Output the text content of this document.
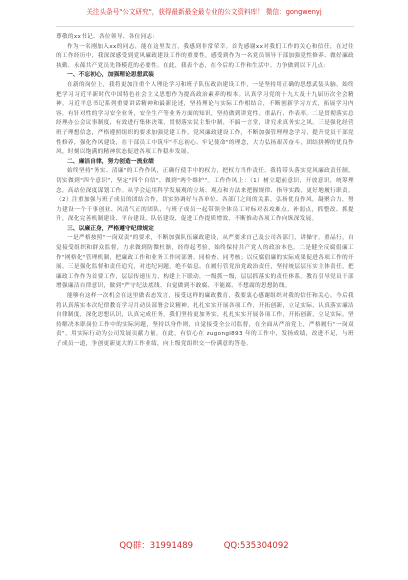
关注头条号"公文研究"，获得最新最全最专业的公文资料库！ 微信：gongwenyj

尊敬的xx书记、各位领导、各位同志：

作为一名刚加入xx的同志，能在这里发言，我感到非常荣幸。首先感谢xx对我们工作的关心和信任，在过往的工作经历中，我深深感受到党风廉政建设工作的重要性，感受到作为一名党员领导干部加强党性修养、做好廉政执勤、永葆共产党员先锋模范的必要性。在此，我表个态，在今后的工作和生活中，力争做到以下几点：

一、不忘初心，加强理论思想武装

在新的岗位上，我将更加注重个人理论学习和班子队伍政治建设工作，一是坚持用正确的思想武装头脑，始终把学习习近平新时代中国特色社会主义思想作为提高政治素养的根本。认真学习党的十九大及十九届历次全会精神，习近平总书记系列重要讲话精神和最新论述，坚持理论与实际工作相结合，不断创新学习方式，拓展学习内容，有针对性的学习安全业务，安全生产等业务方面的知识，坚持做到讲党性、重品行、作表率。二是贯彻落实总经理办公会议事制度，有效进行集体决策，贯彻落实民主集中制，不搞一言堂，讲究求真务实之风。三是强化经营班子理想信念，严格遵照组织的要求加强党建工作，党风廉政建设工作，不断加强管理理念学习，提升党员干部党性修养，强化作风建设，在干部员工中筑牢"不忘初心、牢记使命"的理念，大力弘扬艰苦奋斗，团结拼搏的优良作风，时刻以饱满的精神状态促进各项工作稳步发展。

二、廉洁自律，努力创造一流业绩

始终坚持"务实、清廉"的工作作风，正确行使手中的权力，把权力当作责任。我将带头落实党风廉政责任制，切实做到"四个意识"，坚定"四个自信"，做到"两个维护"。工作作风上：（1）树立超前意识，开放意识，统筹理念，高站位深度谋划工作。从学会运用科学发展观的立场、观点和方法来把握规律、指导实践，更好地履行职责。（2）注重加强与班子成员的团结合作，切实协调好与各单位、各部门之间的关系，弘扬优良作风，凝聚合力，努力建设一个干事创业、风清气正的团队，与班子成员一起带领全体员工对标对表攻难点、补弱点，抓整改、抓提升，深化完善机制建设、平台建设、队伍建设，促进工作提质增效，不断推动各项工作向纵深发展。

三、以廉正身，严格遵守纪律规定

一是严格按照"一岗双责"的要求，不断加强队伍廉政建设，从严要求自己及公司各部门，讲操守，重品行，自觉接受组织和群众监督，力求做到防微杜渐，经得起考验，始终保持共产党人的政治本色。二是健全反腐倡廉工作"网格化"管理机制，把廉政工作和业务工作同部署、同检查、同考核；以反腐倡廉的实际成果促进各项工作的开展。三是强化监督和责任追究，对违纪问题，绝不姑息。在履行管党治党政治责任，坚持统层层压实主体责任，把廉政工作作为首要工作，层层传递压力，构建上下联动，一级抓一级，层层抓落实的责任体系。教育引导党员干部增强廉洁自律意识，做到"严守纪法底线、自觉做到不敢腐、不能腐、不想腐的思想防线。

能够有这样一次机会在这里做表态发言，接受这样的廉政教育，我要衷心感谢组织对我的信任和关心，今后我将认真落实本次纪律教育学习月动员部署会议精神，扎扎实实开展各项工作，开拓创新，立足实际，认真落实廉洁自律制度，深化思想认识，认真完成任务。我们坚持更加务实，扎扎实实开展各项工作，开拓创新，立足实际。坚持解决本职岗位工作中的实际问题，坚持以身作则，自觉接受全公司监督，在全面从严治党上，严格履行"一岗双责"，用实际行动为公司发展贡献力量。在此，有信心在 zugongl893 年的工作中，发扬成绩，改进不足，与班子成员一道，争创更新更大的工作业绩，向上级党组织交一份满意的答卷。

QQ群：31991489	QQ:535304092
